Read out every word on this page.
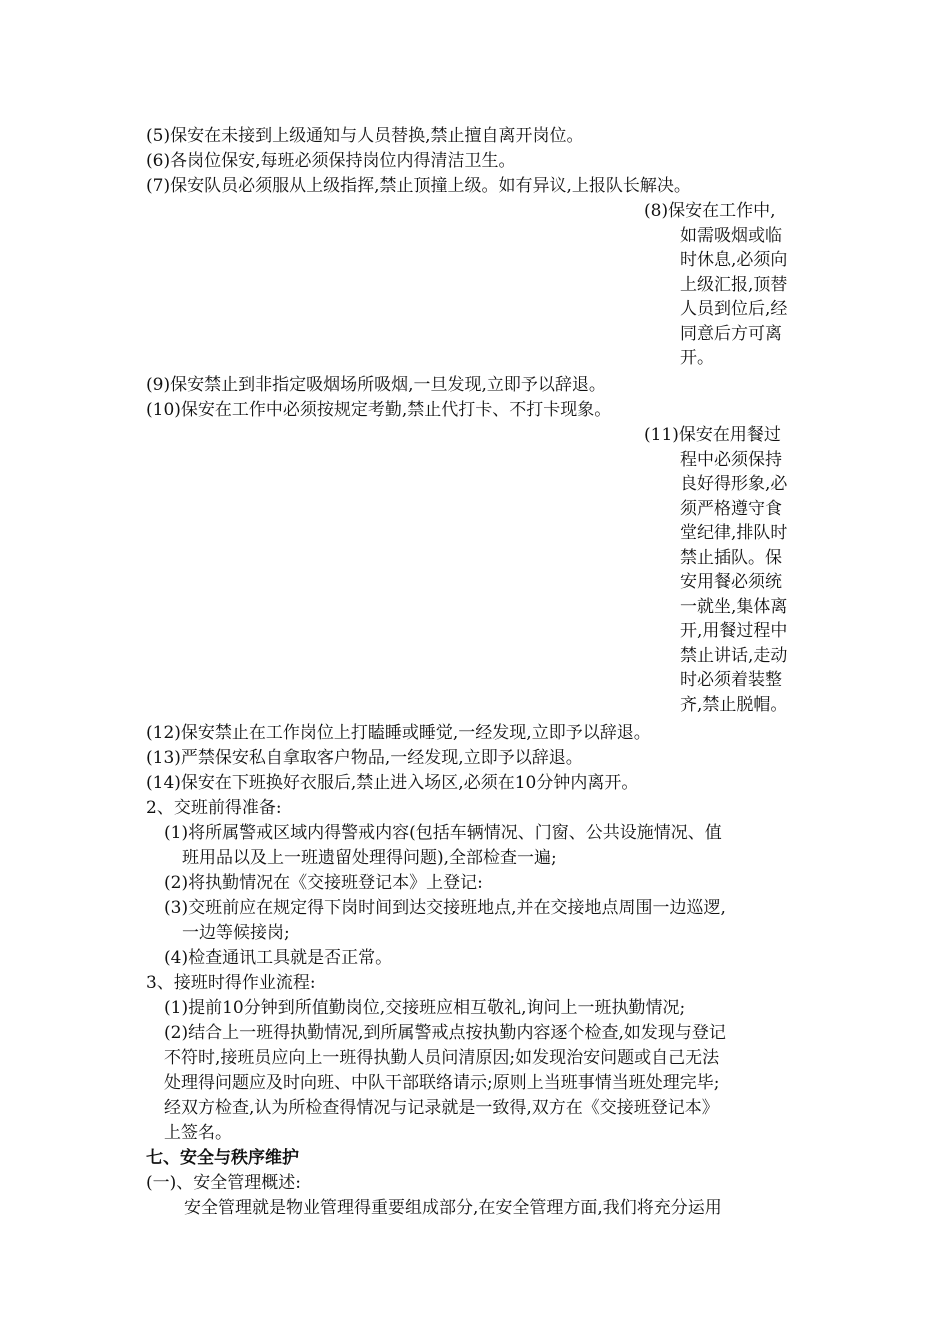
(5)保安在未接到上级通知与人员替换,禁止擅自离开岗位。

(6)各岗位保安,每班必须保持岗位内得清洁卫生。

(7)保安队员必须服从上级指挥,禁止顶撞上级。如有异议,上报队长解决。

(8)保安在工作中,
如需吸烟或临
时休息,必须向
上级汇报,顶替
人员到位后,经
同意后方可离
开。

(9)保安禁止到非指定吸烟场所吸烟,一旦发现,立即予以辞退。

(10)保安在工作中必须按规定考勤,禁止代打卡、不打卡现象。

(11)保安在用餐过
程中必须保持
良好得形象,必
须严格遵守食
堂纪律,排队时
禁止插队。保
安用餐必须统
一就坐,集体离
开,用餐过程中
禁止讲话,走动
时必须着装整
齐,禁止脱帽。

(12)保安禁止在工作岗位上打瞌睡或睡觉,一经发现,立即予以辞退。

(13)严禁保安私自拿取客户物品,一经发现,立即予以辞退。

(14)保安在下班换好衣服后,禁止进入场区,必须在10分钟内离开。

2、交班前得准备:

(1)将所属警戒区域内得警戒内容(包括车辆情况、门窗、公共设施情况、值

班用品以及上一班遗留处理得问题),全部检查一遍;

(2)将执勤情况在《交接班登记本》上登记:

(3)交班前应在规定得下岗时间到达交接班地点,并在交接地点周围一边巡逻,

一边等候接岗;

(4)检查通讯工具就是否正常。

3、接班时得作业流程:

(1)提前10分钟到所值勤岗位,交接班应相互敬礼,询问上一班执勤情况;

(2)结合上一班得执勤情况,到所属警戒点按执勤内容逐个检查,如发现与登记

不符时,接班员应向上一班得执勤人员问清原因;如发现治安问题或自己无法

处理得问题应及时向班、中队干部联络请示;原则上当班事情当班处理完毕;

经双方检查,认为所检查得情况与记录就是一致得,双方在《交接班登记本》

上签名。

七、安全与秩序维护

(一)、安全管理概述:

安全管理就是物业管理得重要组成部分,在安全管理方面,我们将充分运用
